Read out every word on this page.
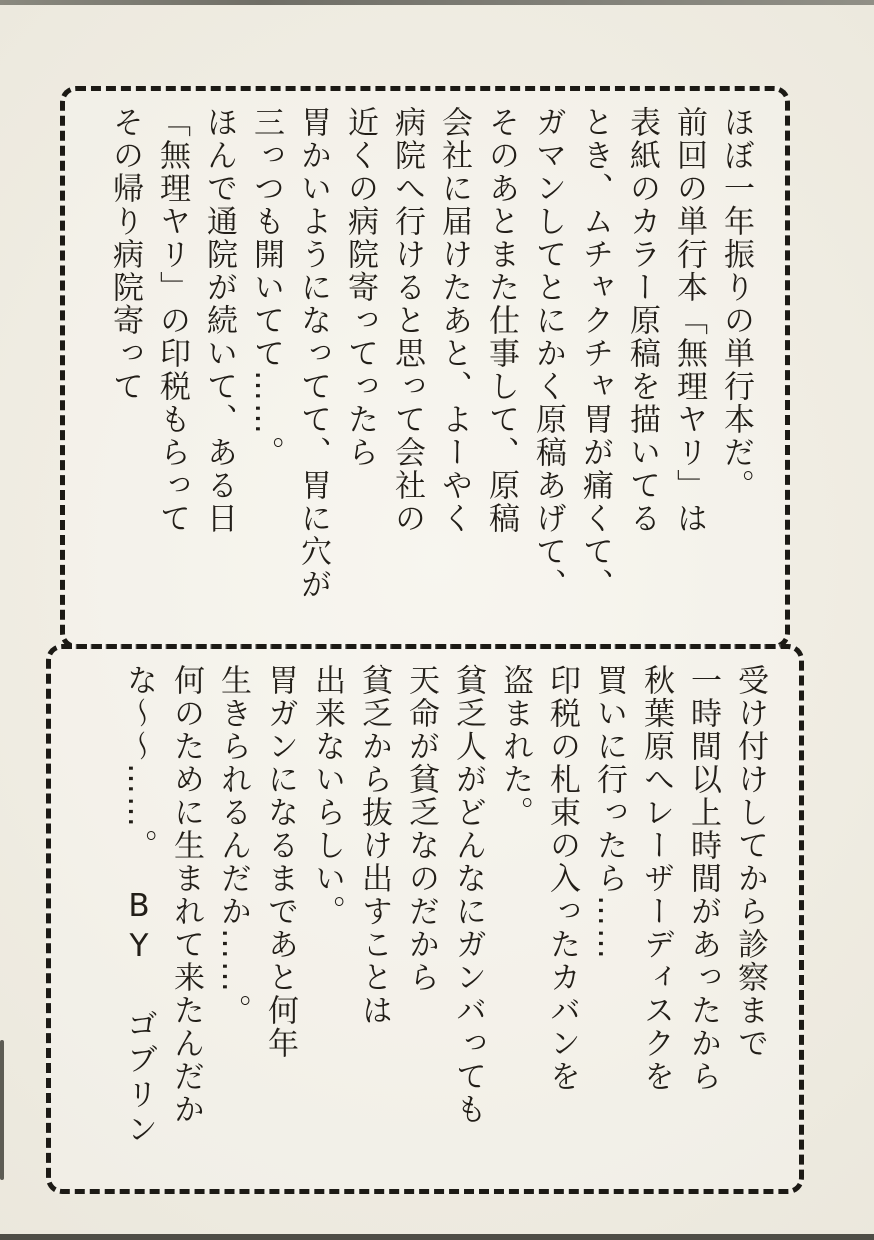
ほぼ一年振りの単行本だ。
前回の単行本「無理ヤリ」は
表紙のカラー原稿を描いてる
とき、ムチャクチャ胃が痛くて、
ガマンしてとにかく原稿あげて、
そのあとまた仕事して、原稿
会社に届けたあと、よーやく
病院へ行けると思って会社の
近くの病院寄ってったら
胃かいようになってて、胃に穴が
三っつも開いてて……。
ほんで通院が続いて、ある日
「無理ヤリ」の印税もらって
その帰り病院寄って
受け付けしてから診察まで
一時間以上時間があったから
秋葉原へレーザーディスクを
買いに行ったら……
印税の札束の入ったカバンを
盗まれた。
貧乏人がどんなにガンバっても
天命が貧乏なのだから
貧乏から抜け出すことは
出来ないらしい。
胃ガンになるまであと何年
生きられるんだか……。
何のために生まれて来たんだか
な〜〜……。BY ゴブリン
